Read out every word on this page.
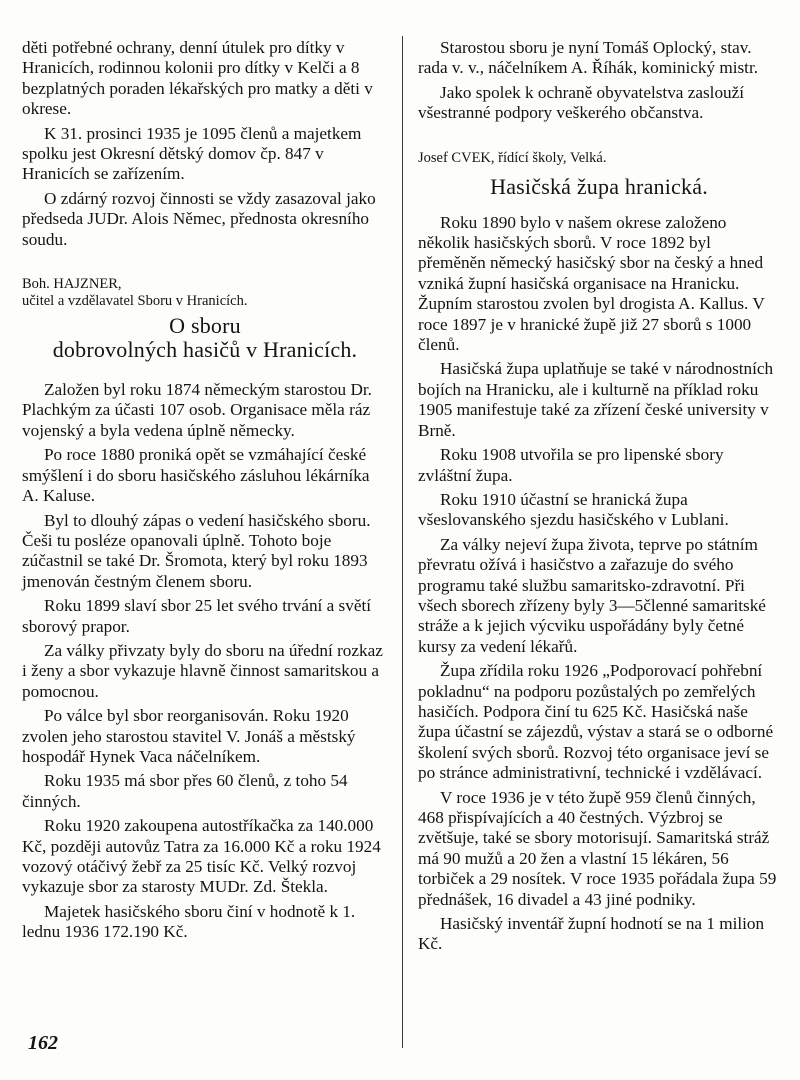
děti potřebné ochrany, denní útulek pro dítky v Hranicích, rodinnou kolonii pro dítky v Kelči a 8 bezplatných poraden lékařských pro matky a děti v okrese.

K 31. prosinci 1935 je 1095 členů a majetkem spolku jest Okresní dětský domov čp. 847 v Hranicích se zařízením.

O zdárný rozvoj činnosti se vždy zasazoval jako předseda JUDr. Alois Němec, přednosta okresního soudu.

Boh. HAJZNER,
učitel a vzdělavatel Sboru v Hranicích.
O sboru
dobrovolných hasičů v Hranicích.

Založen byl roku 1874 německým starostou Dr. Plachkým za účasti 107 osob. Organisace měla ráz vojenský a byla vedena úplně německy.

Po roce 1880 proniká opět se vzmáhající české smýšlení i do sboru hasičského zásluhou lékárníka A. Kaluse.

Byl to dlouhý zápas o vedení hasičského sboru. Češi tu posléze opanovali úplně. Tohoto boje zúčastnil se také Dr. Šromota, který byl roku 1893 jmenován čestným členem sboru.

Roku 1899 slaví sbor 25 let svého trvání a světí sborový prapor.

Za války přivzaty byly do sboru na úřední rozkaz i ženy a sbor vykazuje hlavně činnost samaritskou a pomocnou.

Po válce byl sbor reorganisován. Roku 1920 zvolen jeho starostou stavitel V. Jonáš a městský hospodář Hynek Vaca náčelníkem.

Roku 1935 má sbor přes 60 členů, z toho 54 činných.

Roku 1920 zakoupena autostříkačka za 140.000 Kč, později autovůz Tatra za 16.000 Kč a roku 1924 vozový otáčivý žebř za 25 tisíc Kč. Velký rozvoj vykazuje sbor za starosty MUDr. Zd. Štekla.

Majetek hasičského sboru činí v hodnotě k 1. lednu 1936 172.190 Kč.

Starostou sboru je nyní Tomáš Oplocký, stav. rada v. v., náčelníkem A. Říhák, kominický mistr.

Jako spolek k ochraně obyvatelstva zaslouží všestranné podpory veškerého občanstva.

Josef CVEK, řídící školy, Velká.
Hasičská župa hranická.

Roku 1890 bylo v našem okrese založeno několik hasičských sborů. V roce 1892 byl přeměněn německý hasičský sbor na český a hned vzniká župní hasičská organisace na Hranicku. Župním starostou zvolen byl drogista A. Kallus. V roce 1897 je v hranické župě již 27 sborů s 1000 členů.

Hasičská župa uplatňuje se také v národnostních bojích na Hranicku, ale i kulturně na příklad roku 1905 manifestuje také za zřízení české university v Brně.

Roku 1908 utvořila se pro lipenské sbory zvláštní župa.

Roku 1910 účastní se hranická župa všeslovanského sjezdu hasičského v Lublani.

Za války nejeví župa života, teprve po státním převratu ožívá i hasičstvo a zařazuje do svého programu také službu samaritsko-zdravotní. Při všech sborech zřízeny byly 3—5členné samaritské stráže a k jejich výcviku uspořádány byly četné kursy za vedení lékařů.

Župa zřídila roku 1926 „Podporovací pohřební pokladnu“ na podporu pozůstalých po zemřelých hasičích. Podpora činí tu 625 Kč. Hasičská naše župa účastní se zájezdů, výstav a stará se o odborné školení svých sborů. Rozvoj této organisace jeví se po stránce administrativní, technické i vzdělávací.

V roce 1936 je v této župě 959 členů činných, 468 přispívajících a 40 čestných. Výzbroj se zvětšuje, také se sbory motorisují. Samaritská stráž má 90 mužů a 20 žen a vlastní 15 lékáren, 56 torbiček a 29 nosítek. V roce 1935 pořádala župa 59 přednášek, 16 divadel a 43 jiné podniky.

Hasičský inventář župní hodnotí se na 1 milion Kč.

162
